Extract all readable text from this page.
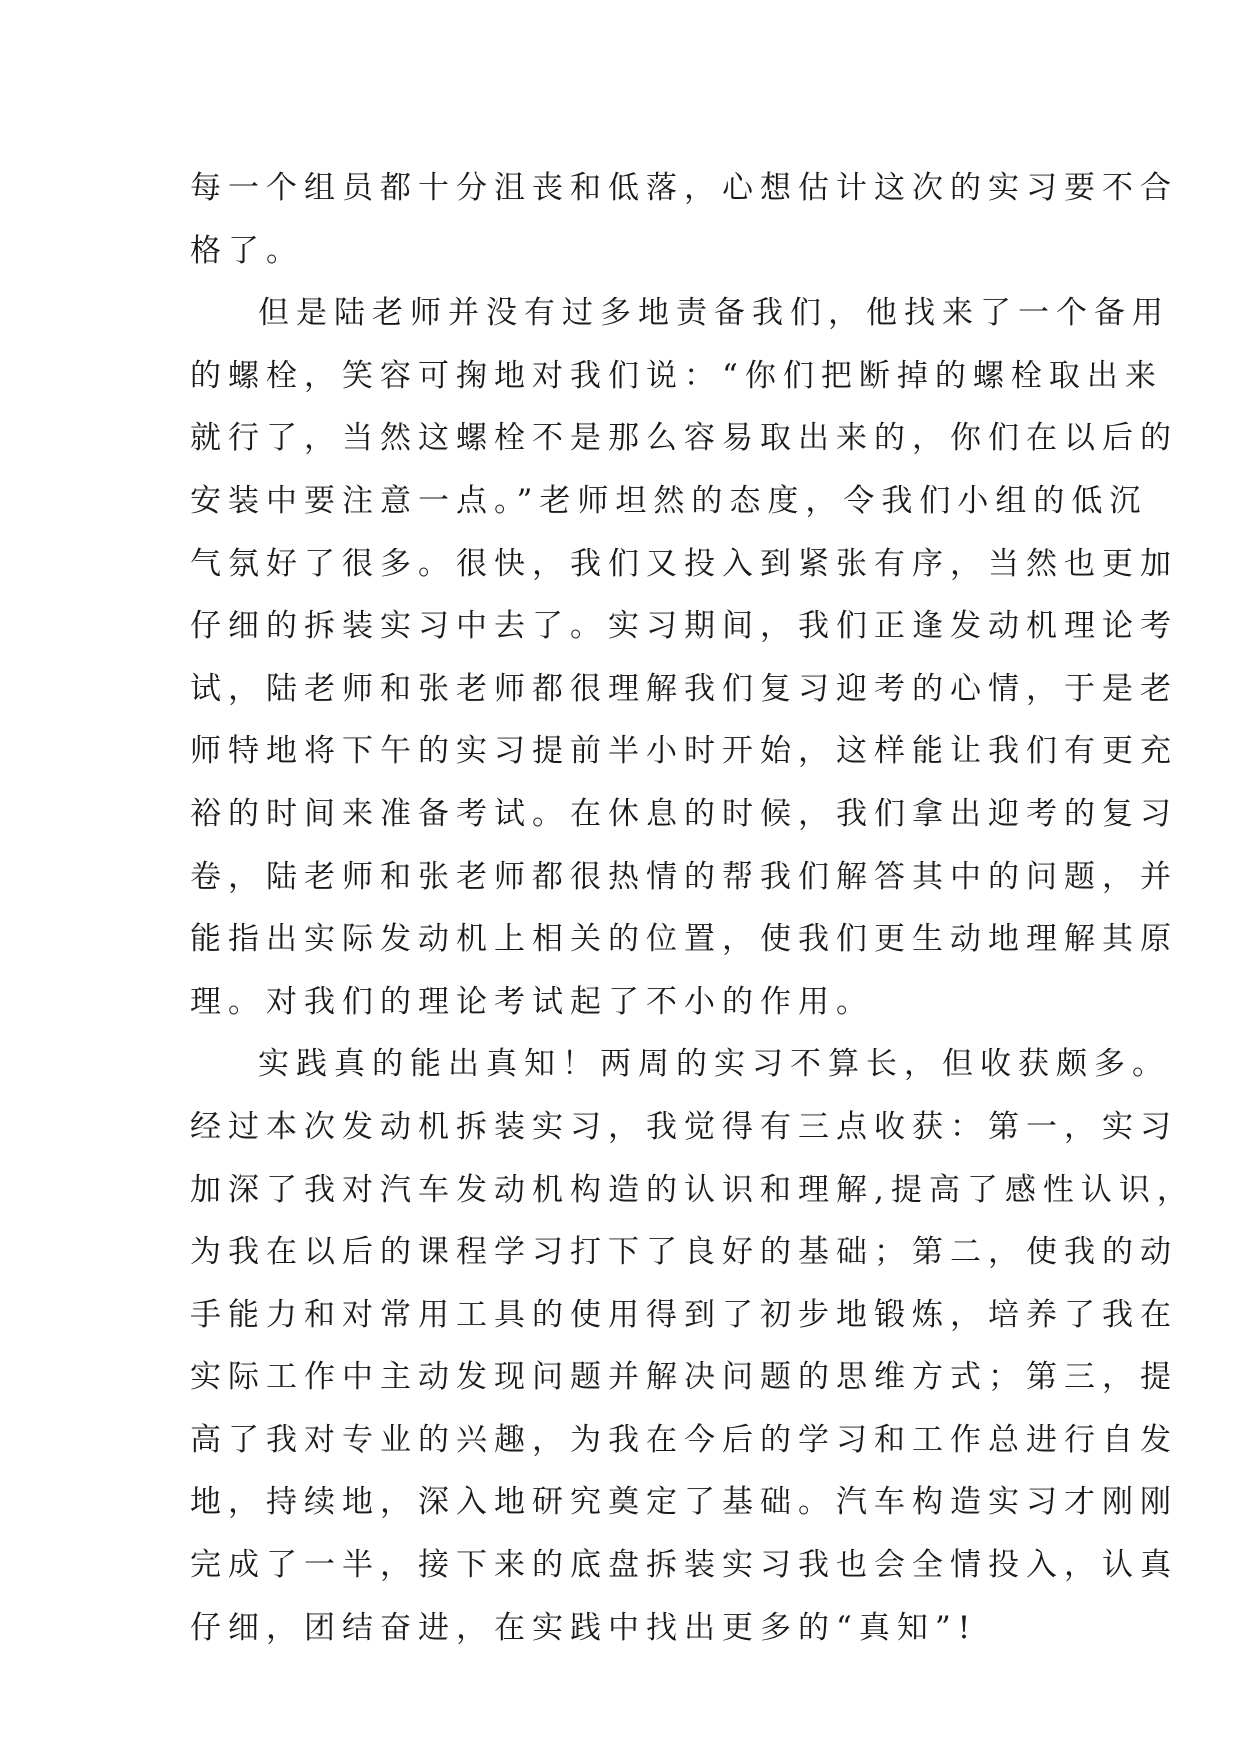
每一个组员都十分沮丧和低落，心想估计这次的实习要不合
格了。
但是陆老师并没有过多地责备我们，他找来了一个备用
的螺栓，笑容可掬地对我们说：“你们把断掉的螺栓取出来
就行了，当然这螺栓不是那么容易取出来的，你们在以后的
安装中要注意一点。”老师坦然的态度，令我们小组的低沉
气氛好了很多。很快，我们又投入到紧张有序，当然也更加
仔细的拆装实习中去了。实习期间，我们正逢发动机理论考
试，陆老师和张老师都很理解我们复习迎考的心情，于是老
师特地将下午的实习提前半小时开始，这样能让我们有更充
裕的时间来准备考试。在休息的时候，我们拿出迎考的复习
卷，陆老师和张老师都很热情的帮我们解答其中的问题，并
能指出实际发动机上相关的位置，使我们更生动地理解其原
理。对我们的理论考试起了不小的作用。
实践真的能出真知！两周的实习不算长，但收获颇多。
经过本次发动机拆装实习，我觉得有三点收获：第一，实习
加深了我对汽车发动机构造的认识和理解,提高了感性认识，
为我在以后的课程学习打下了良好的基础；第二，使我的动
手能力和对常用工具的使用得到了初步地锻炼，培养了我在
实际工作中主动发现问题并解决问题的思维方式；第三，提
高了我对专业的兴趣，为我在今后的学习和工作总进行自发
地，持续地，深入地研究奠定了基础。汽车构造实习才刚刚
完成了一半，接下来的底盘拆装实习我也会全情投入，认真
仔细，团结奋进，在实践中找出更多的“真知”!
